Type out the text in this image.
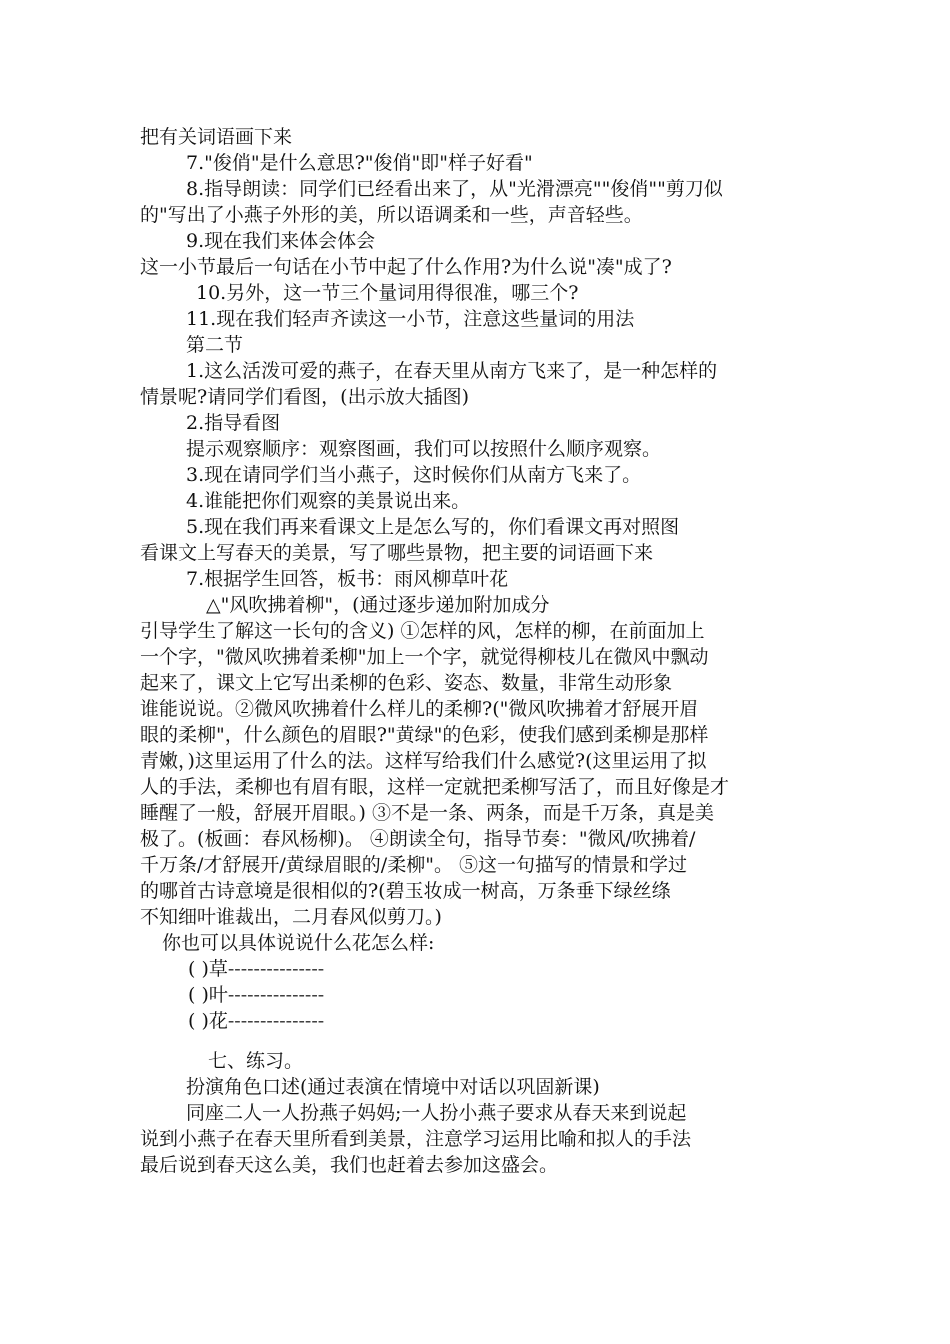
把有关词语画下来
7."俊俏"是什么意思?"俊俏"即"样子好看"
8.指导朗读：同学们已经看出来了，从"光滑漂亮""俊俏""剪刀似
的"写出了小燕子外形的美，所以语调柔和一些，声音轻些。
9.现在我们来体会体会
这一小节最后一句话在小节中起了什么作用?为什么说"凑"成了?
10.另外，这一节三个量词用得很准，哪三个?
11.现在我们轻声齐读这一小节，注意这些量词的用法
第二节
1.这么活泼可爱的燕子，在春天里从南方飞来了，是一种怎样的
情景呢?请同学们看图，(出示放大插图)
2.指导看图
提示观察顺序：观察图画，我们可以按照什么顺序观察。
3.现在请同学们当小燕子，这时候你们从南方飞来了。
4.谁能把你们观察的美景说出来。
5.现在我们再来看课文上是怎么写的，你们看课文再对照图
看课文上写春天的美景，写了哪些景物，把主要的词语画下来
7.根据学生回答，板书：雨风柳草叶花
△"风吹拂着柳"，(通过逐步递加附加成分
引导学生了解这一长句的含义) ①怎样的风，怎样的柳，在前面加上
一个字，"微风吹拂着柔柳"加上一个字，就觉得柳枝儿在微风中飘动
起来了，课文上它写出柔柳的色彩、姿态、数量，非常生动形象
谁能说说。②微风吹拂着什么样儿的柔柳?("微风吹拂着才舒展开眉
眼的柔柳"，什么颜色的眉眼?"黄绿"的色彩，使我们感到柔柳是那样
青嫩，)这里运用了什么的法。这样写给我们什么感觉?(这里运用了拟
人的手法，柔柳也有眉有眼，这样一定就把柔柳写活了，而且好像是才
睡醒了一般，舒展开眉眼。) ③不是一条、两条，而是千万条，真是美
极了。(板画：春风杨柳)。 ④朗读全句，指导节奏："微风/吹拂着/
千万条/才舒展开/黄绿眉眼的/柔柳"。 ⑤这一句描写的情景和学过
的哪首古诗意境是很相似的?(碧玉妆成一树高，万条垂下绿丝绦
不知细叶谁裁出，二月春风似剪刀。)
你也可以具体说说什么花怎么样:
( )草---------------
( )叶---------------
( )花---------------
七、练习。
扮演角色口述(通过表演在情境中对话以巩固新课)
同座二人一人扮燕子妈妈;一人扮小燕子要求从春天来到说起
说到小燕子在春天里所看到美景，注意学习运用比喻和拟人的手法
最后说到春天这么美，我们也赶着去参加这盛会。
